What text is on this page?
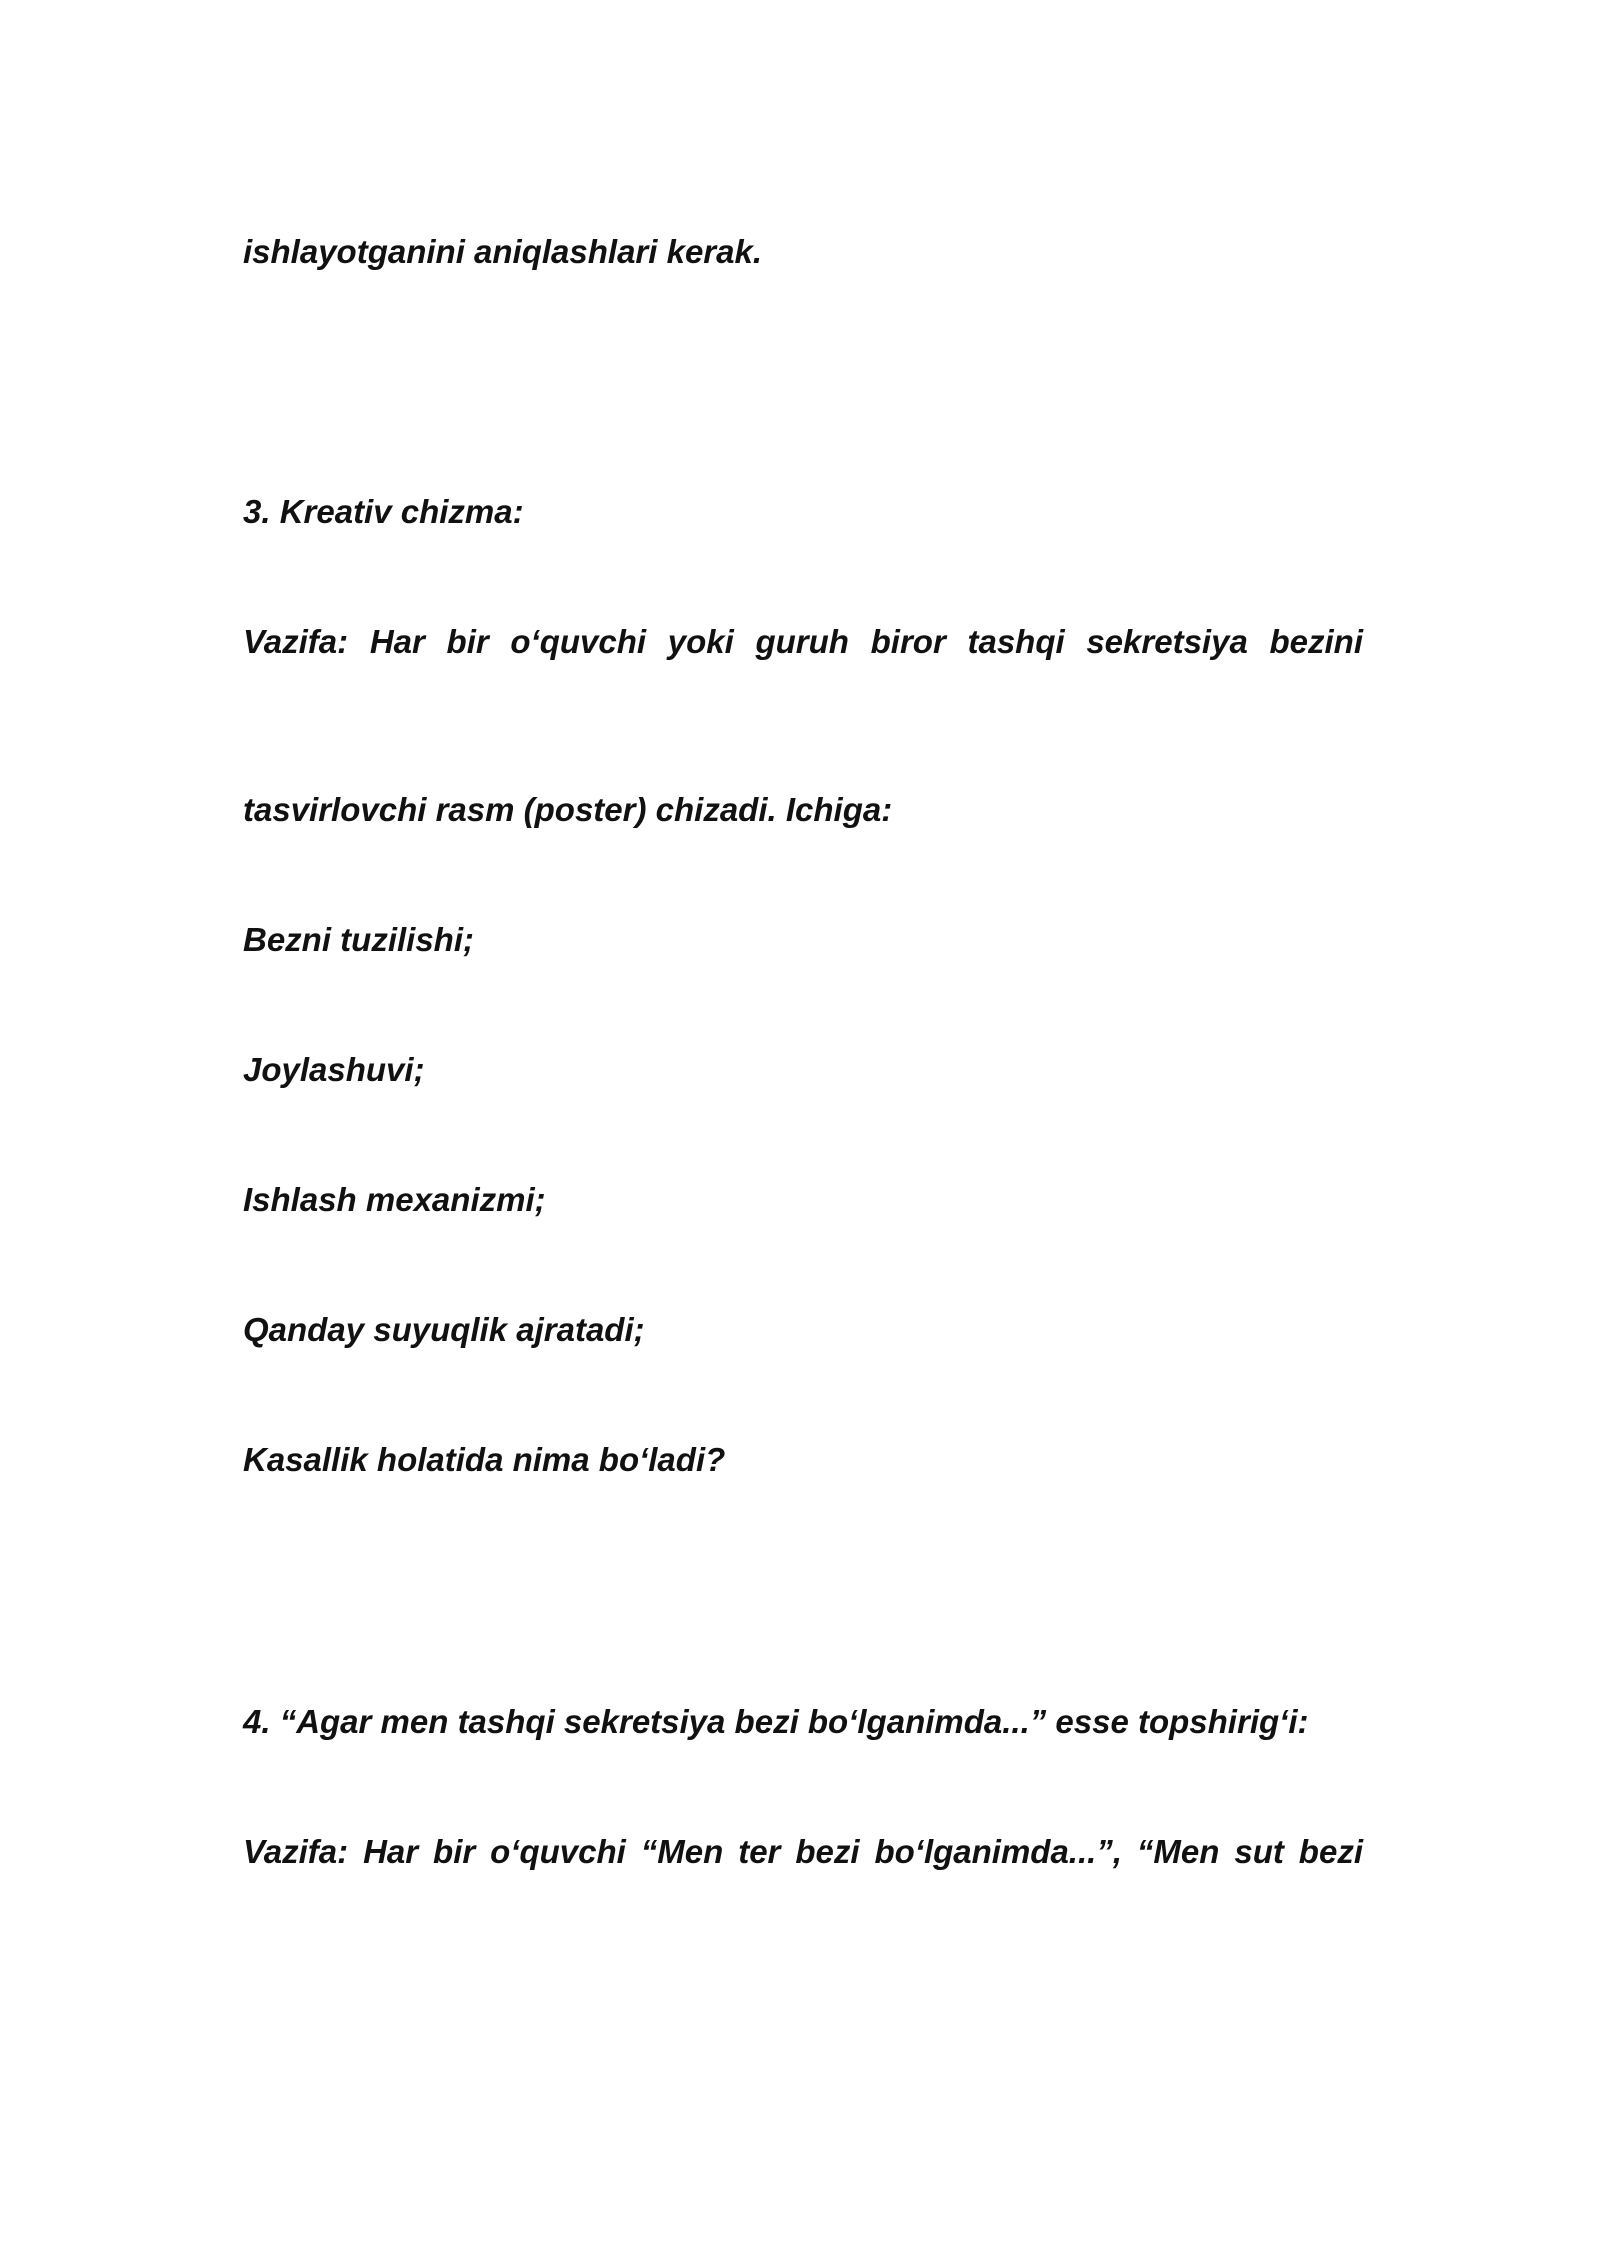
ishlayotganini aniqlashlari kerak.

3. Kreativ chizma:

Vazifa: Har bir o‘quvchi yoki guruh biror tashqi sekretsiya bezini

tasvirlovchi rasm (poster) chizadi. Ichiga:

Bezni tuzilishi;

Joylashuvi;

Ishlash mexanizmi;

Qanday suyuqlik ajratadi;

Kasallik holatida nima bo‘ladi?

4. “Agar men tashqi sekretsiya bezi bo‘lganimda...” esse topshirig‘i:

Vazifa: Har bir o‘quvchi “Men ter bezi bo‘lganimda...”, “Men sut bezi
